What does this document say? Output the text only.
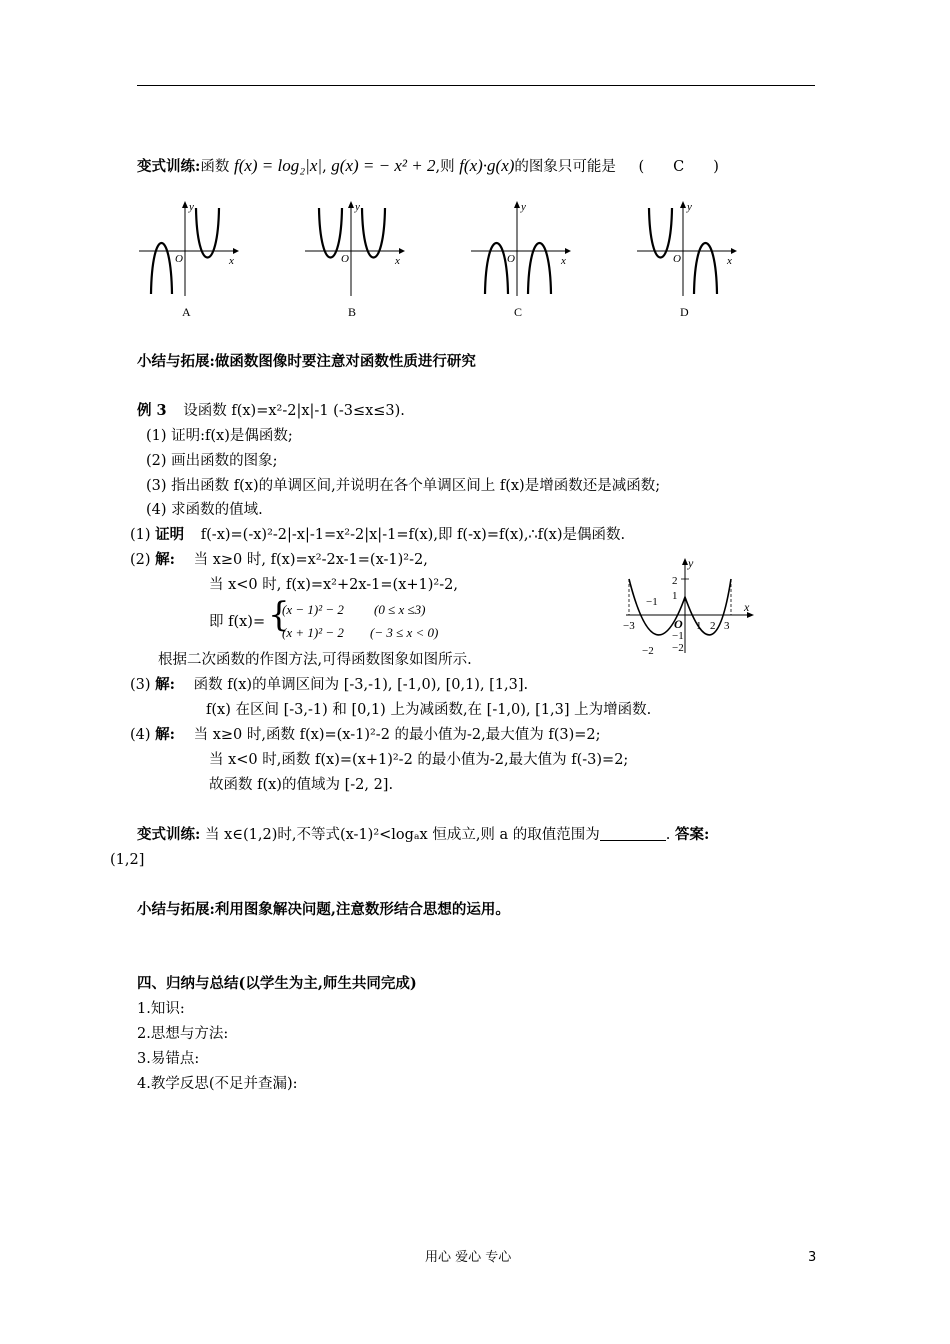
变式训练:函数 f(x) = log₂|x|, g(x) = − x² + 2,则 f(x)·g(x)的图象只可能是 (　　C　　)
y
x
O
A
y
x
O
B
y
x
O
C
y
x
O
D
小结与拓展:做函数图像时要注意对函数性质进行研究
例 3 设函数 f(x)=x²-2|x|-1 (-3≤x≤3).
(1) 证明:f(x)是偶函数;
(2) 画出函数的图象;
(3) 指出函数 f(x)的单调区间,并说明在各个单调区间上 f(x)是增函数还是减函数;
(4) 求函数的值域.
(1) 证明 f(-x)=(-x)²-2|-x|-1=x²-2|x|-1=f(x),即 f(-x)=f(x),∴f(x)是偶函数.
(2) 解: 当 x≥0 时, f(x)=x²-2x-1=(x-1)²-2,
当 x<0 时, f(x)=x²+2x-1=(x+1)²-2,
即 f(x)= {
(x − 1)² − 2 (0 ≤ x ≤3)
(x + 1)² − 2 (− 3 ≤ x < 0)
根据二次函数的作图方法,可得函数图象如图所示.
y
x
O
−3
−1
1 2 3
2
−2
1
−1
−2
(3) 解: 函数 f(x)的单调区间为 [-3,-1), [-1,0), [0,1), [1,3].
f(x) 在区间 [-3,-1) 和 [0,1) 上为减函数,在 [-1,0), [1,3] 上为增函数.
(4) 解: 当 x≥0 时,函数 f(x)=(x-1)²-2 的最小值为-2,最大值为 f(3)=2;
当 x<0 时,函数 f(x)=(x+1)²-2 的最小值为-2,最大值为 f(-3)=2;
故函数 f(x)的值域为 [-2, 2].
变式训练: 当 x∈(1,2)时,不等式(x-1)²<logₐx 恒成立,则 a 的取值范围为	. 答案:
(1,2]
小结与拓展:利用图象解决问题,注意数形结合思想的运用。
四、归纳与总结(以学生为主,师生共同完成)
1.知识:
2.思想与方法:
3.易错点:
4.教学反思(不足并查漏):
用心 爱心 专心	3
